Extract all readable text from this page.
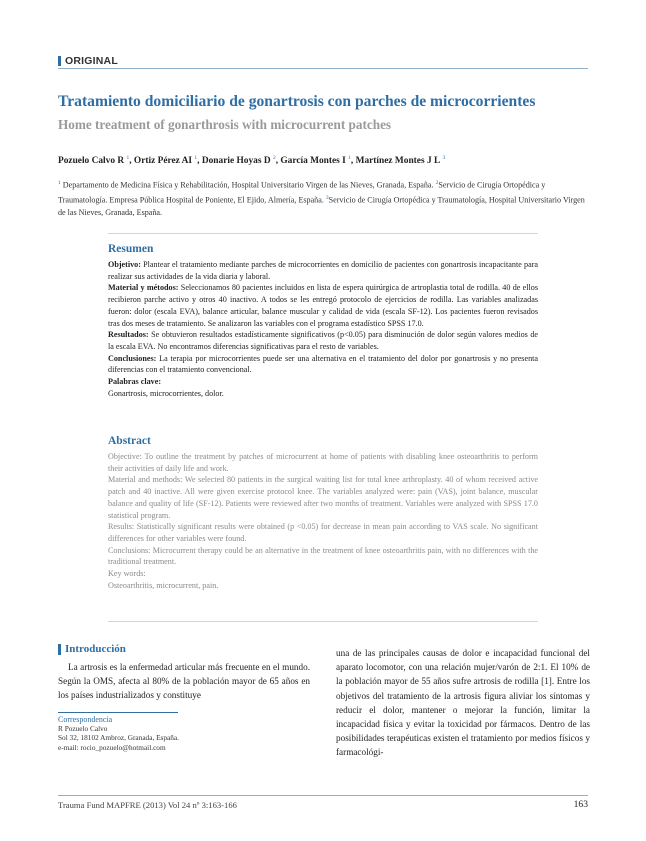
ORIGINAL
Tratamiento domiciliario de gonartrosis con parches de microcorrientes
Home treatment of gonarthrosis with microcurrent patches
Pozuelo Calvo R $^1$, Ortiz Pérez AI $^1$, Donarie Hoyas D $^2$, García Montes I $^1$, Martínez Montes J L $^3$
$^1$ Departamento de Medicina Física y Rehabilitación, Hospital Universitario Virgen de las Nieves, Granada, España. $^2$Servicio de Cirugía Ortopédica y Traumatología. Empresa Pública Hospital de Poniente, El Ejido, Almería, España. $^3$Servicio de Cirugía Ortopédica y Traumatología, Hospital Universitario Virgen de las Nieves, Granada, España.
Resumen

Objetivo: Plantear el tratamiento mediante parches de microcorrientes en domicilio de pacientes con gonartrosis incapacitante para realizar sus actividades de la vida diaria y laboral.

Material y métodos: Seleccionamos 80 pacientes incluidos en lista de espera quirúrgica de artroplastia total de rodilla. 40 de ellos recibieron parche activo y otros 40 inactivo. A todos se les entregó protocolo de ejercicios de rodilla. Las variables analizadas fueron: dolor (escala EVA), balance articular, balance muscular y calidad de vida (escala SF-12). Los pacientes fueron revisados tras dos meses de tratamiento. Se analizaron las variables con el programa estadístico SPSS 17.0.

Resultados: Se obtuvieron resultados estadísticamente significativos (p<0.05) para disminución de dolor según valores medios de la escala EVA. No encontramos diferencias significativas para el resto de variables.

Conclusiones: La terapia por microcorrientes puede ser una alternativa en el tratamiento del dolor por gonartrosis y no presenta diferencias con el tratamiento convencional.

Palabras clave:

Gonartrosis, microcorrientes, dolor.

Abstract

Objective: To outline the treatment by patches of microcurrent at home of patients with disabling knee osteoarthritis to perform their activities of daily life and work.

Material and methods: We selected 80 patients in the surgical waiting list for total knee arthroplasty. 40 of whom received active patch and 40 inactive. All were given exercise protocol knee. The variables analyzed were: pain (VAS), joint balance, muscular balance and quality of life (SF-12). Patients were reviewed after two months of treatment. Variables were analyzed with SPSS 17.0 statistical program.

Results: Statistically significant results were obtained (p <0.05) for decrease in mean pain according to VAS scale. No significant differences for other variables were found.

Conclusions: Microcurrent therapy could be an alternative in the treatment of knee osteoarthritis pain, with no differences with the traditional treatment.

Key words:

Osteoarthritis, microcurrent, pain.

Introducción
La artrosis es la enfermedad articular más frecuente en el mundo. Según la OMS, afecta al 80% de la población mayor de 65 años en los países industrializados y constituye
una de las principales causas de dolor e incapacidad funcional del aparato locomotor, con una relación mujer/varón de 2:1. El 10% de la población mayor de 55 años sufre artrosis de rodilla [1]. Entre los objetivos del tratamiento de la artrosis figura aliviar los síntomas y reducir el dolor, mantener o mejorar la función, limitar la incapacidad física y evitar la toxicidad por fármacos. Dentro de las posibilidades terapéuticas existen el tratamiento por medios físicos y farmacológi-
Correspondencia
R Pozuelo Calvo
Sol 32, 18102 Ambroz, Granada, España.
e-mail: rocio_pozuelo@hotmail.com
Trauma Fund MAPFRE (2013) Vol 24 nº 3:163-166	163
